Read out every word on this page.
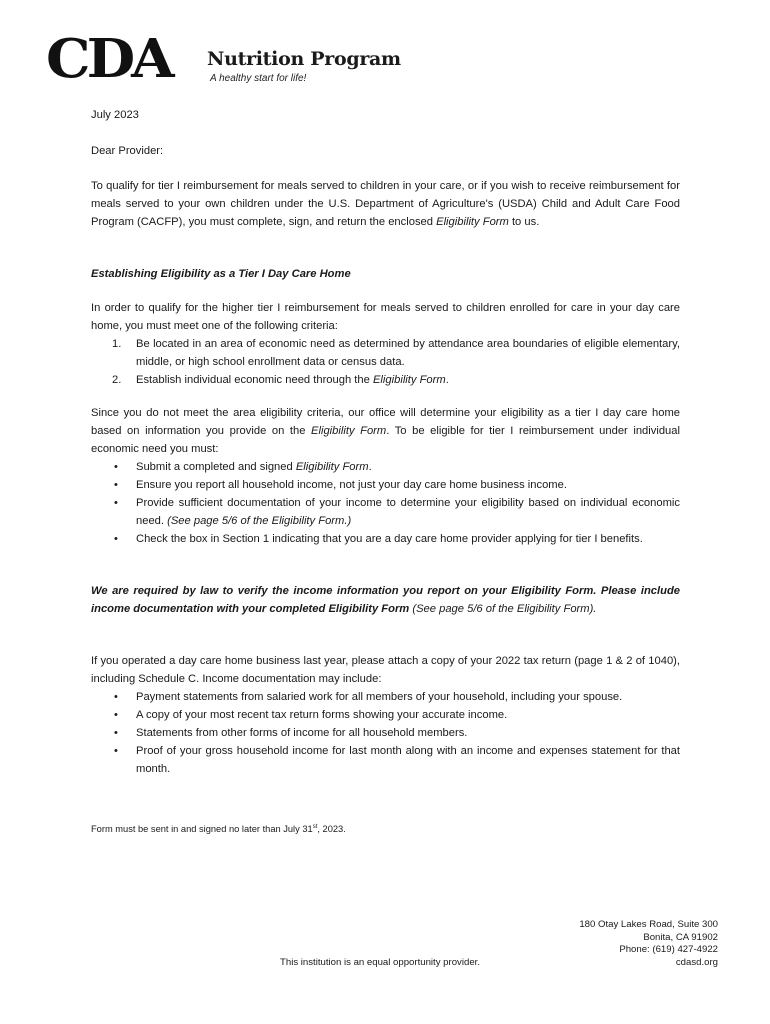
CDA	Nutrition Program
A healthy start for life!

July 2023

Dear Provider:

To qualify for tier I reimbursement for meals served to children in your care, or if you wish to receive reimbursement for meals served to your own children under the U.S. Department of Agriculture's (USDA) Child and Adult Care Food Program (CACFP), you must complete, sign, and return the enclosed Eligibility Form to us.

Establishing Eligibility as a Tier I Day Care Home

In order to qualify for the higher tier I reimbursement for meals served to children enrolled for care in your day care home, you must meet one of the following criteria:

1. Be located in an area of economic need as determined by attendance area boundaries of eligible elementary, middle, or high school enrollment data or census data.
2. Establish individual economic need through the Eligibility Form.

Since you do not meet the area eligibility criteria, our office will determine your eligibility as a tier I day care home based on information you provide on the Eligibility Form. To be eligible for tier I reimbursement under individual economic need you must:

• Submit a completed and signed Eligibility Form.
• Ensure you report all household income, not just your day care home business income.
• Provide sufficient documentation of your income to determine your eligibility based on individual economic need. (See page 5/6 of the Eligibility Form.)
• Check the box in Section 1 indicating that you are a day care home provider applying for tier I benefits.

We are required by law to verify the income information you report on your Eligibility Form. Please include income documentation with your completed Eligibility Form (See page 5/6 of the Eligibility Form).

If you operated a day care home business last year, please attach a copy of your 2022 tax return (page 1 & 2 of 1040), including Schedule C. Income documentation may include:

• Payment statements from salaried work for all members of your household, including your spouse.
• A copy of your most recent tax return forms showing your accurate income.
• Statements from other forms of income for all household members.
• Proof of your gross household income for last month along with an income and expenses statement for that month.

Form must be sent in and signed no later than July 31st, 2023.

180 Otay Lakes Road, Suite 300
Bonita, CA 91902
Phone: (619) 427-4922
cdasd.org
This institution is an equal opportunity provider.
